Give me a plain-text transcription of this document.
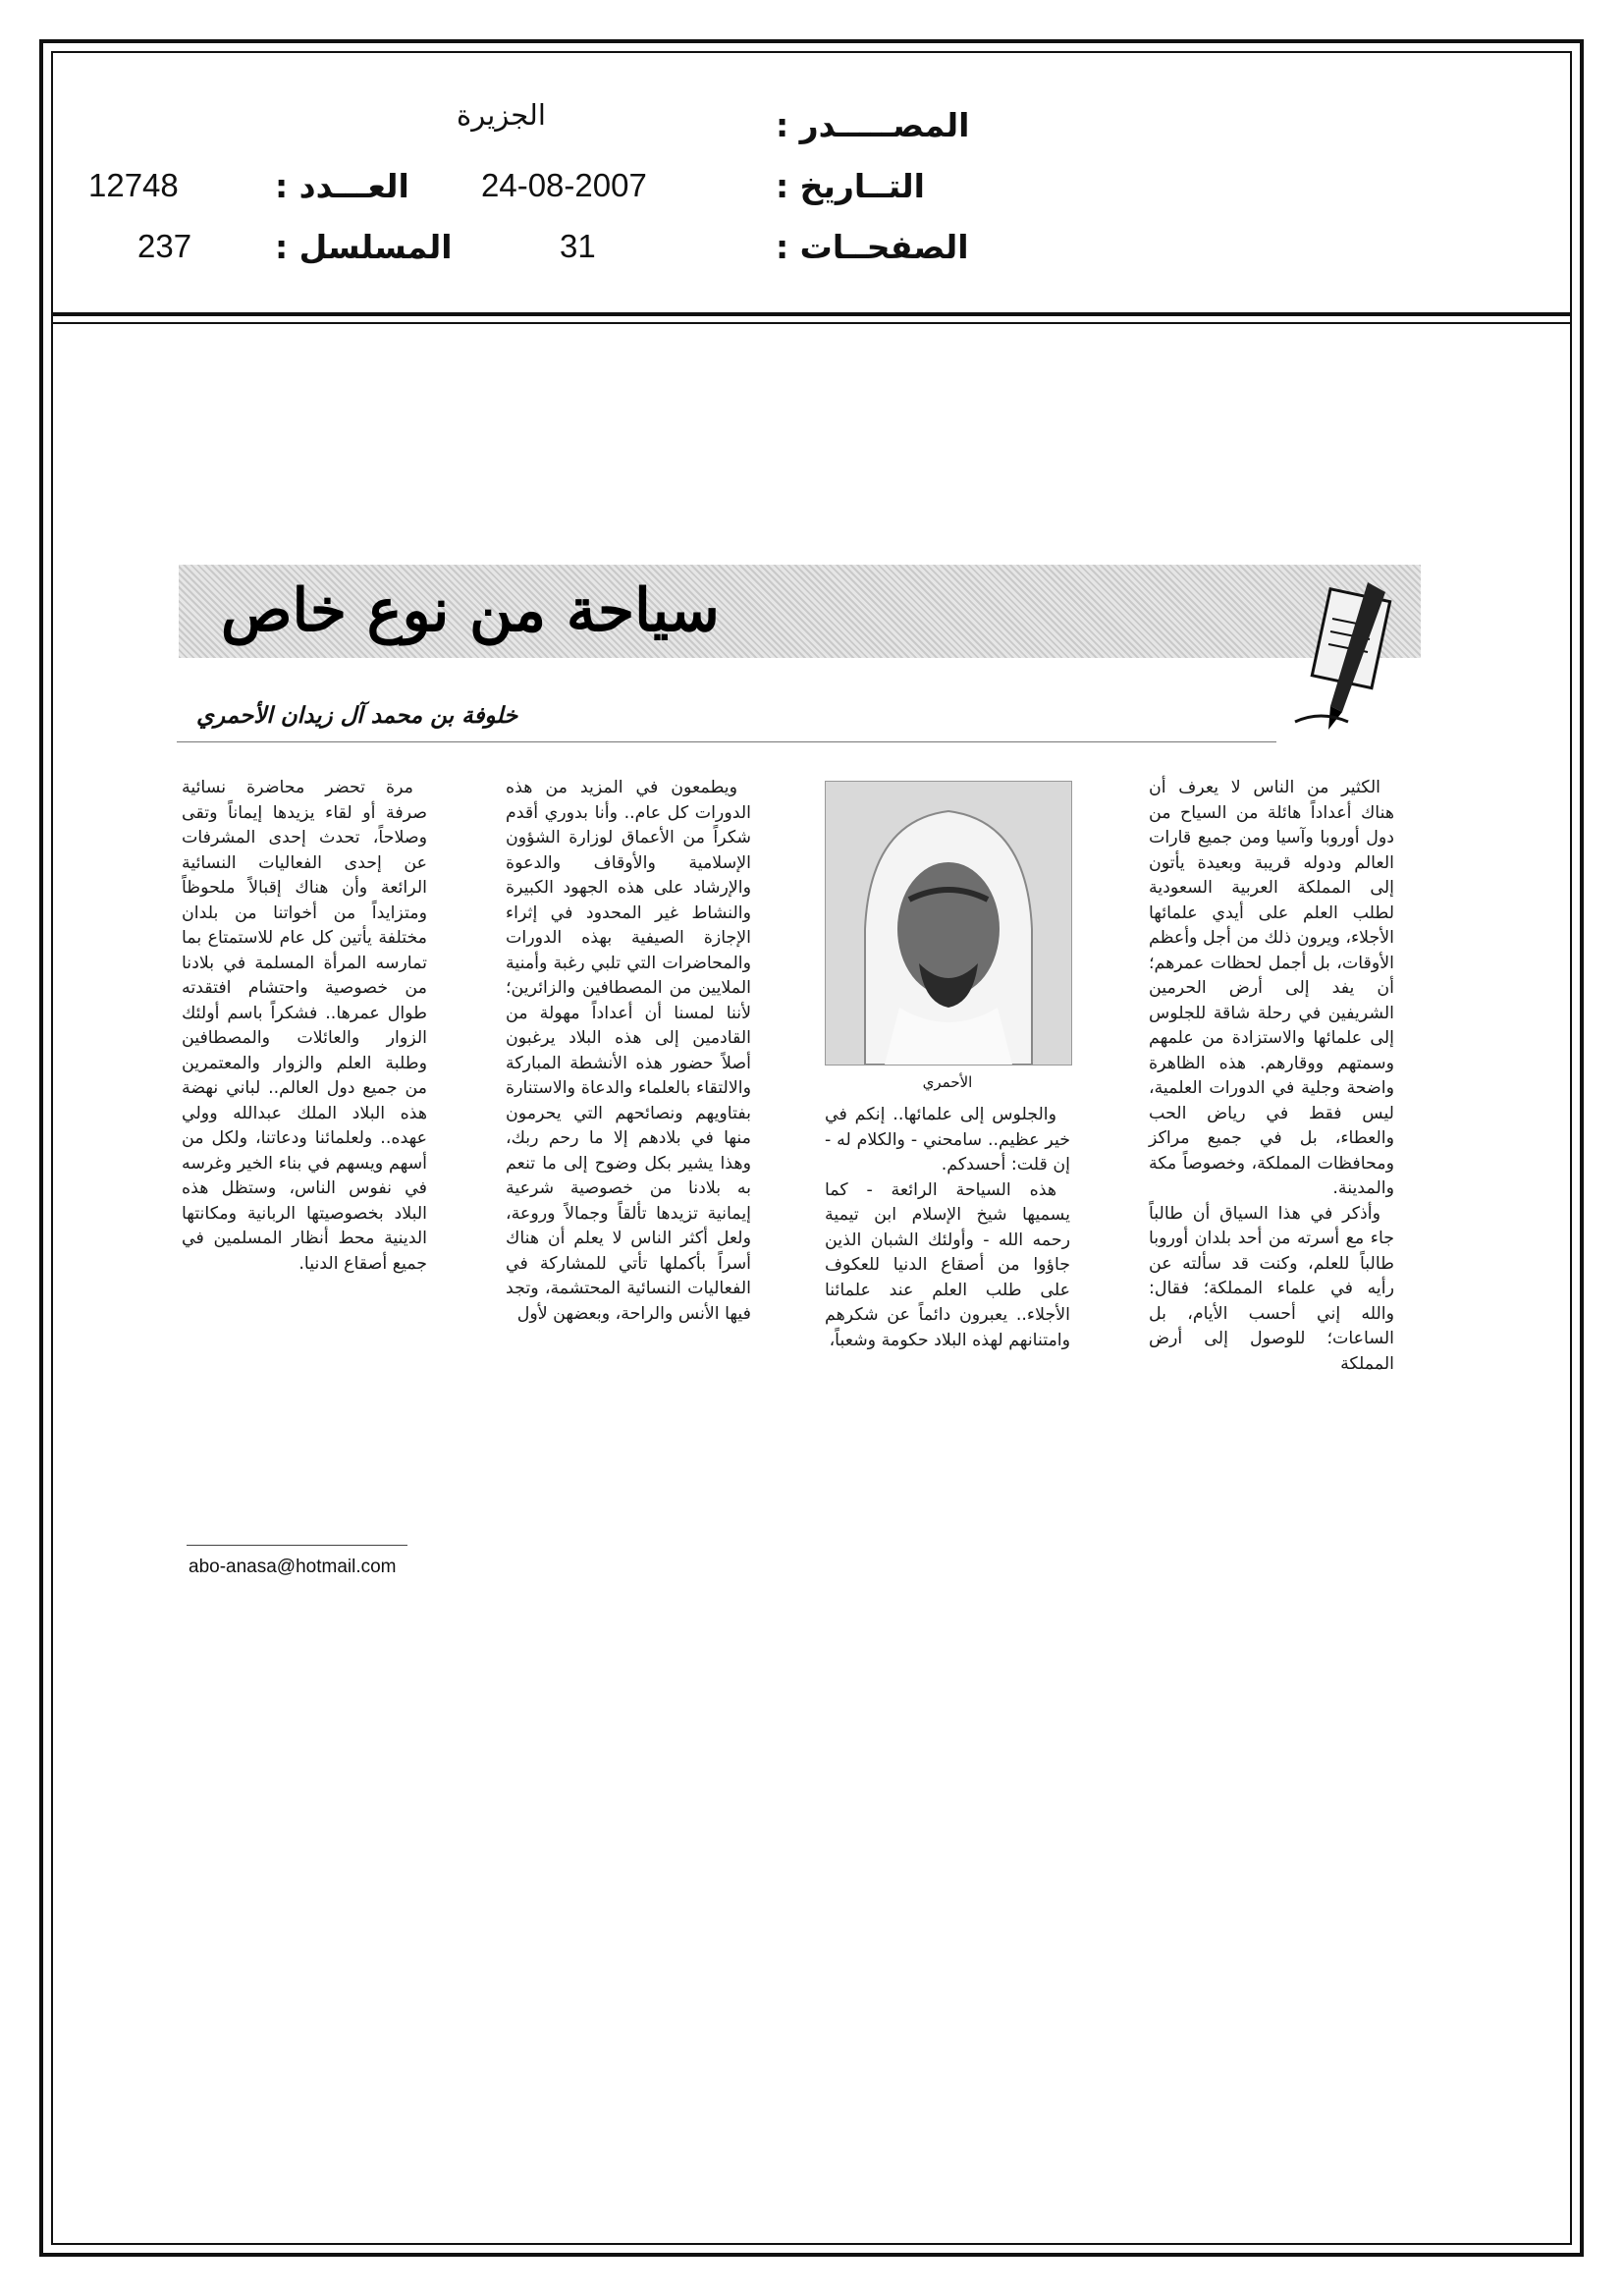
المصـــــدر :
الجزيرة
التــاريخ :
24-08-2007
العـــدد :
12748
الصفحــات :
31
المسلسل :
237
سياحة من نوع خاص
خلوفة بن محمد آل زيدان الأحمري

الكثير من الناس لا يعرف أن هناك أعداداً هائلة من السياح من دول أوروبا وآسيا ومن جميع قارات العالم ودوله قريبة وبعيدة يأتون إلى المملكة العربية السعودية لطلب العلم على أيدي علمائها الأجلاء، ويرون ذلك من أجل وأعظم الأوقات، بل أجمل لحظات عمرهم؛ أن يفد إلى أرض الحرمين الشريفين في رحلة شاقة للجلوس إلى علمائها والاستزادة من علمهم وسمتهم ووقارهم. هذه الظاهرة واضحة وجلية في الدورات العلمية، ليس فقط في رياض الحب والعطاء، بل في جميع مراكز ومحافظات المملكة، وخصوصاً مكة والمدينة.

وأذكر في هذا السياق أن طالباً جاء مع أسرته من أحد بلدان أوروبا طالباً للعلم، وكنت قد سألته عن رأيه في علماء المملكة؛ فقال: والله إني أحسب الأيام، بل الساعات؛ للوصول إلى أرض المملكة

الأحمري

والجلوس إلى علمائها.. إنكم في خير عظيم.. سامحني - والكلام له - إن قلت: أحسدكم.

هذه السياحة الرائعة - كما يسميها شيخ الإسلام ابن تيمية رحمه الله - وأولئك الشبان الذين جاؤوا من أصقاع الدنيا للعكوف على طلب العلم عند علمائنا الأجلاء.. يعبرون دائماً عن شكرهم وامتنانهم لهذه البلاد حكومة وشعباً،

ويطمعون في المزيد من هذه الدورات كل عام.. وأنا بدوري أقدم شكراً من الأعماق لوزارة الشؤون الإسلامية والأوقاف والدعوة والإرشاد على هذه الجهود الكبيرة والنشاط غير المحدود في إثراء الإجازة الصيفية بهذه الدورات والمحاضرات التي تلبي رغبة وأمنية الملايين من المصطافين والزائرين؛ لأننا لمسنا أن أعداداً مهولة من القادمين إلى هذه البلاد يرغبون أصلاً حضور هذه الأنشطة المباركة والالتقاء بالعلماء والدعاة والاستنارة بفتاويهم ونصائحهم التي يحرمون منها في بلادهم إلا ما رحم ربك، وهذا يشير بكل وضوح إلى ما تنعم به بلادنا من خصوصية شرعية إيمانية تزيدها تألقاً وجمالاً وروعة، ولعل أكثر الناس لا يعلم أن هناك أسراً بأكملها تأتي للمشاركة في الفعاليات النسائية المحتشمة، وتجد فيها الأنس والراحة، وبعضهن لأول

مرة تحضر محاضرة نسائية صرفة أو لقاء يزيدها إيماناً وتقى وصلاحاً، تحدث إحدى المشرفات عن إحدى الفعاليات النسائية الرائعة وأن هناك إقبالاً ملحوظاً ومتزايداً من أخواتنا من بلدان مختلفة يأتين كل عام للاستمتاع بما تمارسه المرأة المسلمة في بلادنا من خصوصية واحتشام افتقدته طوال عمرها.. فشكراً باسم أولئك الزوار والعائلات والمصطافين وطلبة العلم والزوار والمعتمرين من جميع دول العالم.. لباني نهضة هذه البلاد الملك عبدالله وولي عهده.. ولعلمائنا ودعاتنا، ولكل من أسهم ويسهم في بناء الخير وغرسه في نفوس الناس، وستظل هذه البلاد بخصوصيتها الربانية ومكانتها الدينية محط أنظار المسلمين في جميع أصقاع الدنيا.

abo-anasa@hotmail.com
